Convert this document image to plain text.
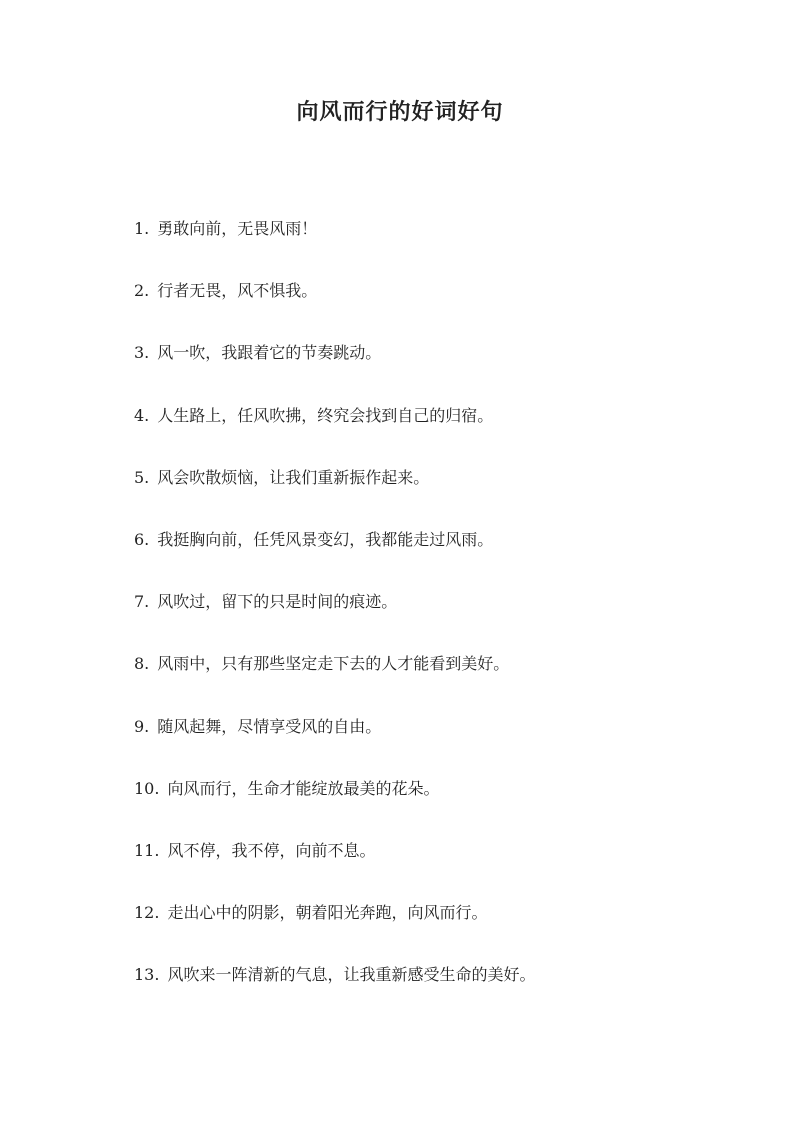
向风而行的好词好句
1. 勇敢向前，无畏风雨！
2. 行者无畏，风不惧我。
3. 风一吹，我跟着它的节奏跳动。
4. 人生路上，任风吹拂，终究会找到自己的归宿。
5. 风会吹散烦恼，让我们重新振作起来。
6. 我挺胸向前，任凭风景变幻，我都能走过风雨。
7. 风吹过，留下的只是时间的痕迹。
8. 风雨中，只有那些坚定走下去的人才能看到美好。
9. 随风起舞，尽情享受风的自由。
10. 向风而行，生命才能绽放最美的花朵。
11. 风不停，我不停，向前不息。
12. 走出心中的阴影，朝着阳光奔跑，向风而行。
13. 风吹来一阵清新的气息，让我重新感受生命的美好。
